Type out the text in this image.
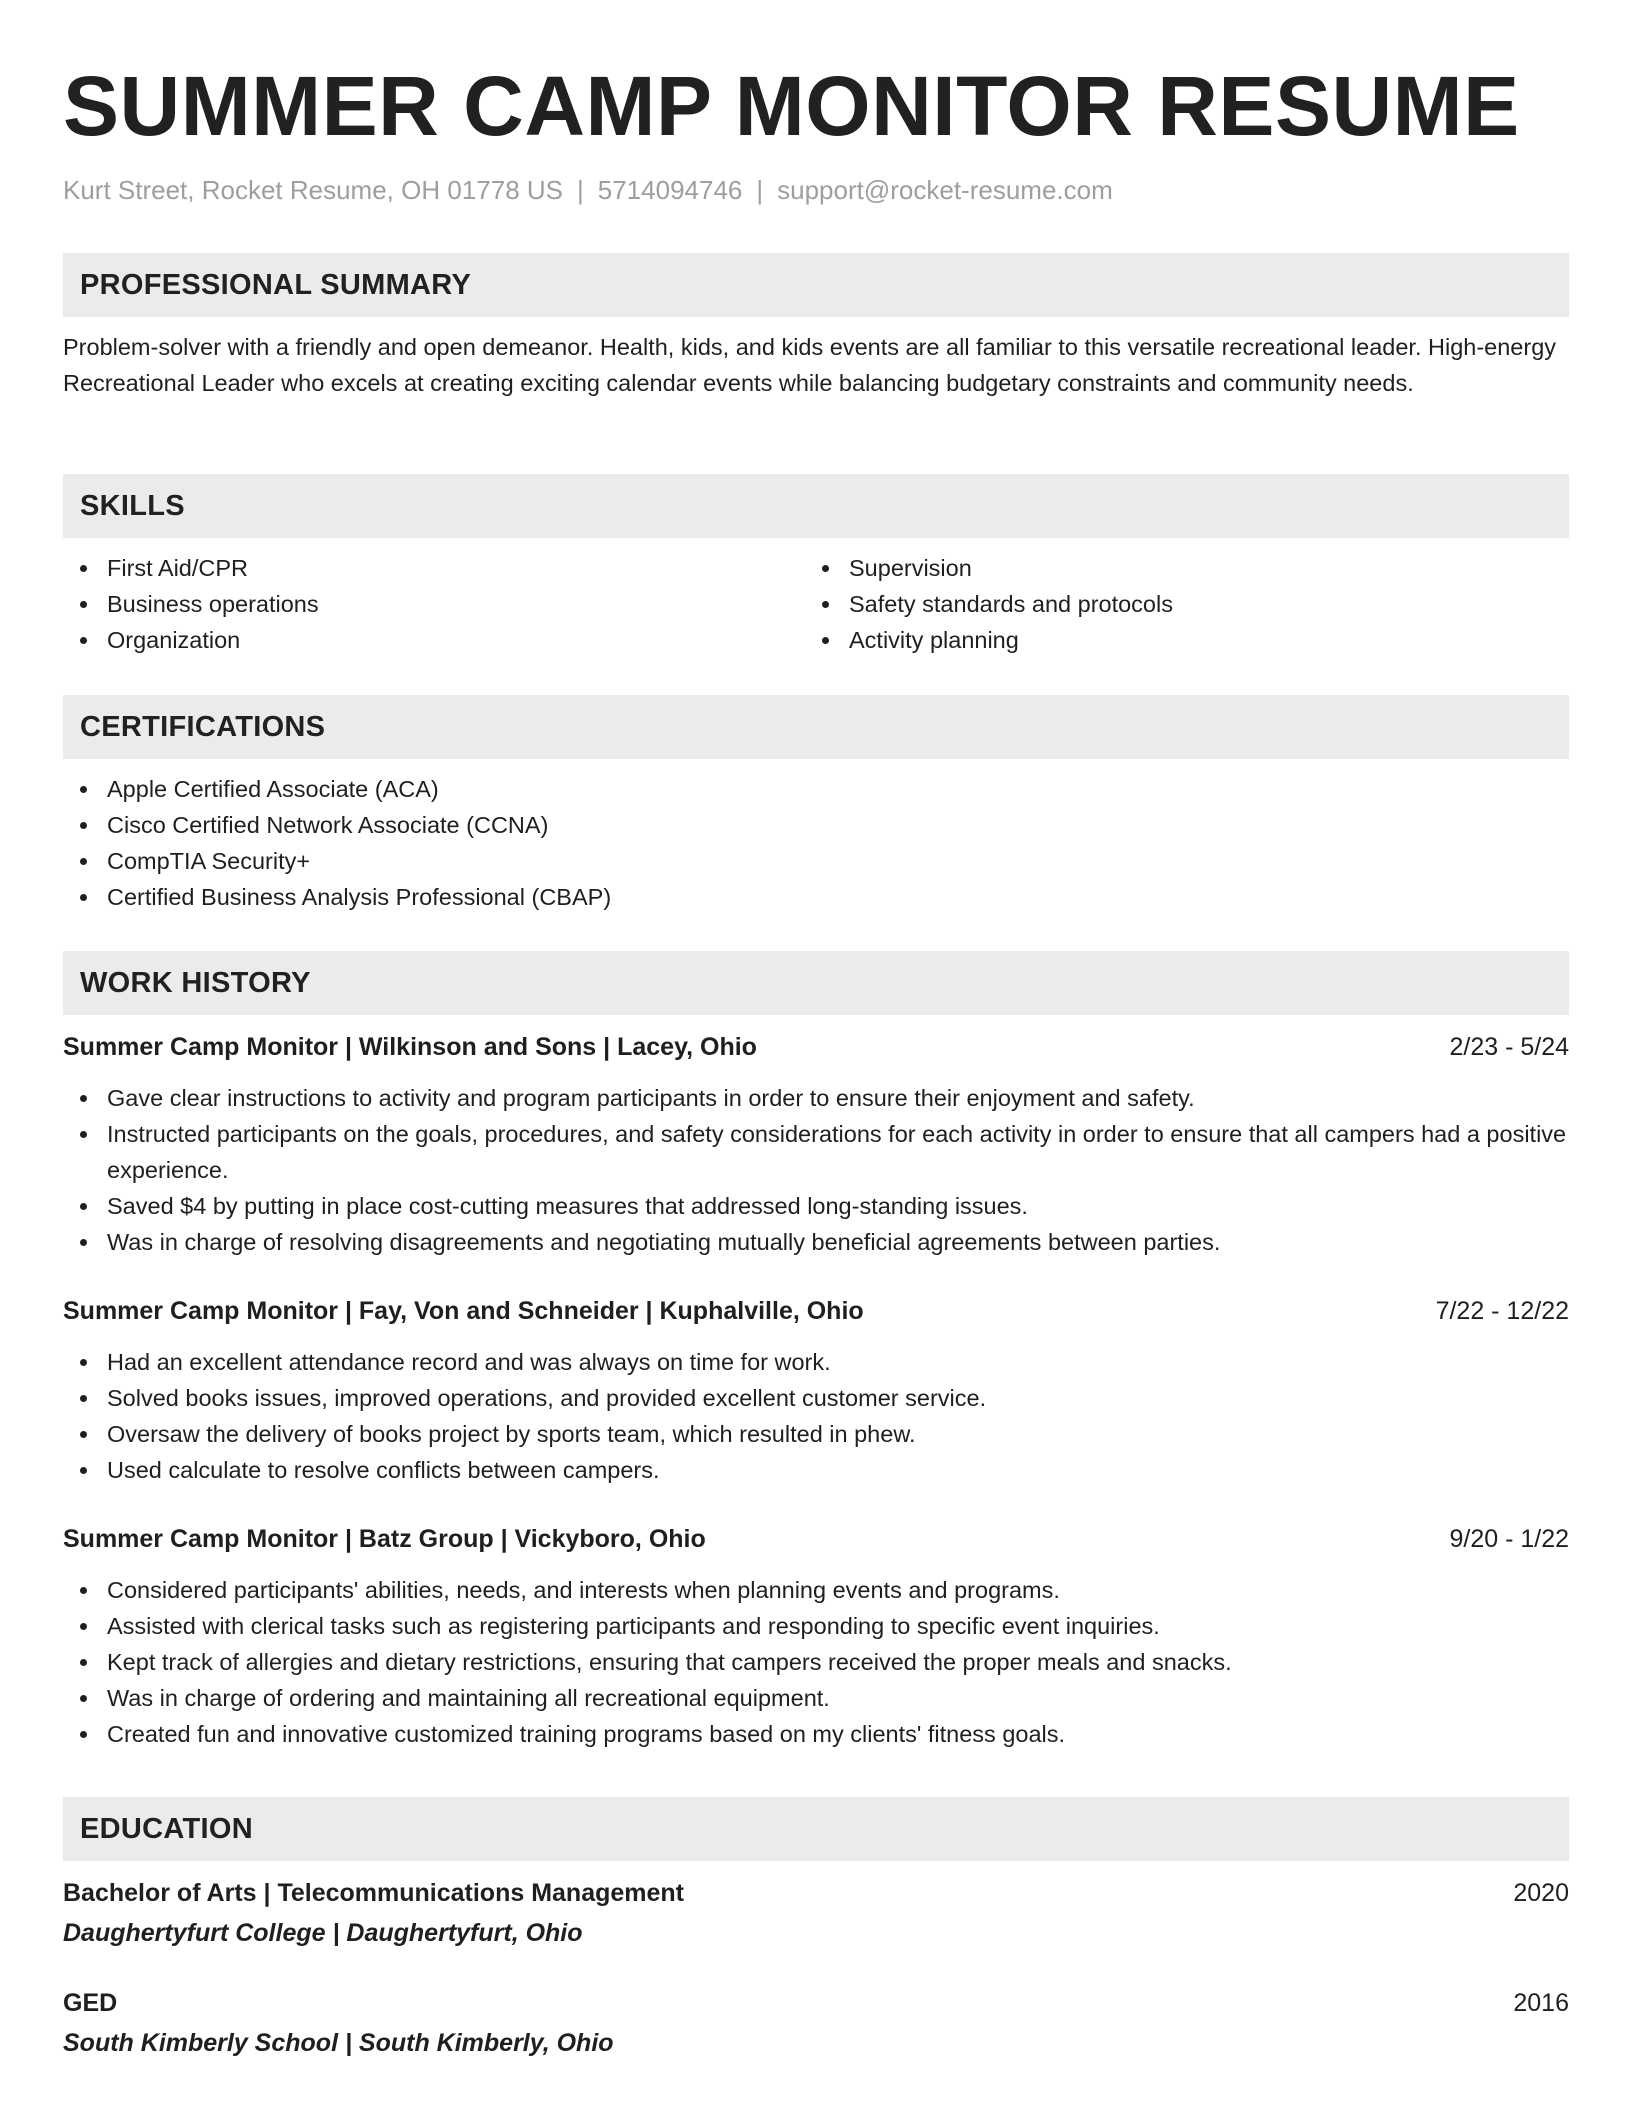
SUMMER CAMP MONITOR RESUME
Kurt Street, Rocket Resume, OH 01778 US | 5714094746 | support@rocket-resume.com
PROFESSIONAL SUMMARY
Problem-solver with a friendly and open demeanor. Health, kids, and kids events are all familiar to this versatile recreational leader. High-energy Recreational Leader who excels at creating exciting calendar events while balancing budgetary constraints and community needs.
SKILLS
First Aid/CPR
Business operations
Organization
Supervision
Safety standards and protocols
Activity planning
CERTIFICATIONS
Apple Certified Associate (ACA)
Cisco Certified Network Associate (CCNA)
CompTIA Security+
Certified Business Analysis Professional (CBAP)
WORK HISTORY
Summer Camp Monitor | Wilkinson and Sons | Lacey, Ohio	2/23 - 5/24
Gave clear instructions to activity and program participants in order to ensure their enjoyment and safety.
Instructed participants on the goals, procedures, and safety considerations for each activity in order to ensure that all campers had a positive experience.
Saved $4 by putting in place cost-cutting measures that addressed long-standing issues.
Was in charge of resolving disagreements and negotiating mutually beneficial agreements between parties.
Summer Camp Monitor | Fay, Von and Schneider | Kuphalville, Ohio	7/22 - 12/22
Had an excellent attendance record and was always on time for work.
Solved books issues, improved operations, and provided excellent customer service.
Oversaw the delivery of books project by sports team, which resulted in phew.
Used calculate to resolve conflicts between campers.
Summer Camp Monitor | Batz Group | Vickyboro, Ohio	9/20 - 1/22
Considered participants' abilities, needs, and interests when planning events and programs.
Assisted with clerical tasks such as registering participants and responding to specific event inquiries.
Kept track of allergies and dietary restrictions, ensuring that campers received the proper meals and snacks.
Was in charge of ordering and maintaining all recreational equipment.
Created fun and innovative customized training programs based on my clients' fitness goals.
EDUCATION
Bachelor of Arts | Telecommunications Management	2020
Daughertyfurt College | Daughertyfurt, Ohio
GED	2016
South Kimberly School | South Kimberly, Ohio
